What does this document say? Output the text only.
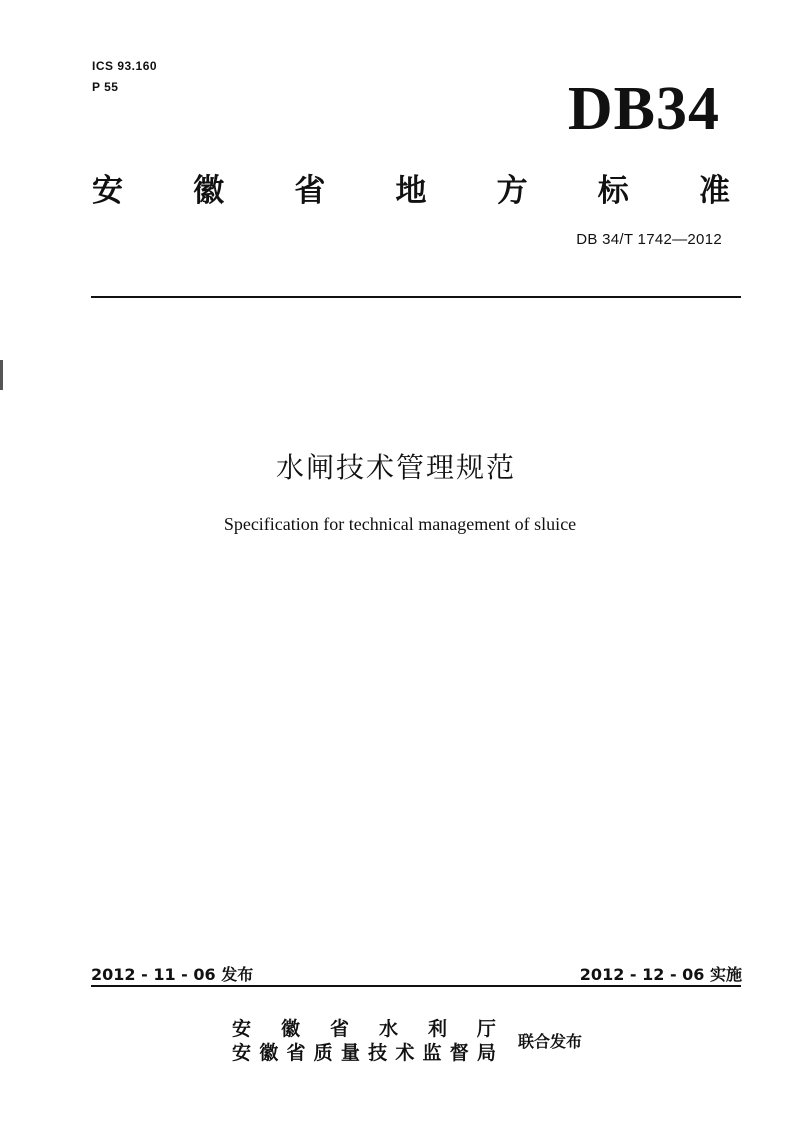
ICS 93.160
P 55	DB34
安 徽 省 地 方 标 准
DB 34/T 1742—2012
水闸技术管理规范
Specification for technical management of sluice
2012 - 11 - 06 发布	2012 - 12 - 06 实施
安 徽 省 水 利 厅
安 徽 省 质 量 技 术 监 督 局
联合发布
